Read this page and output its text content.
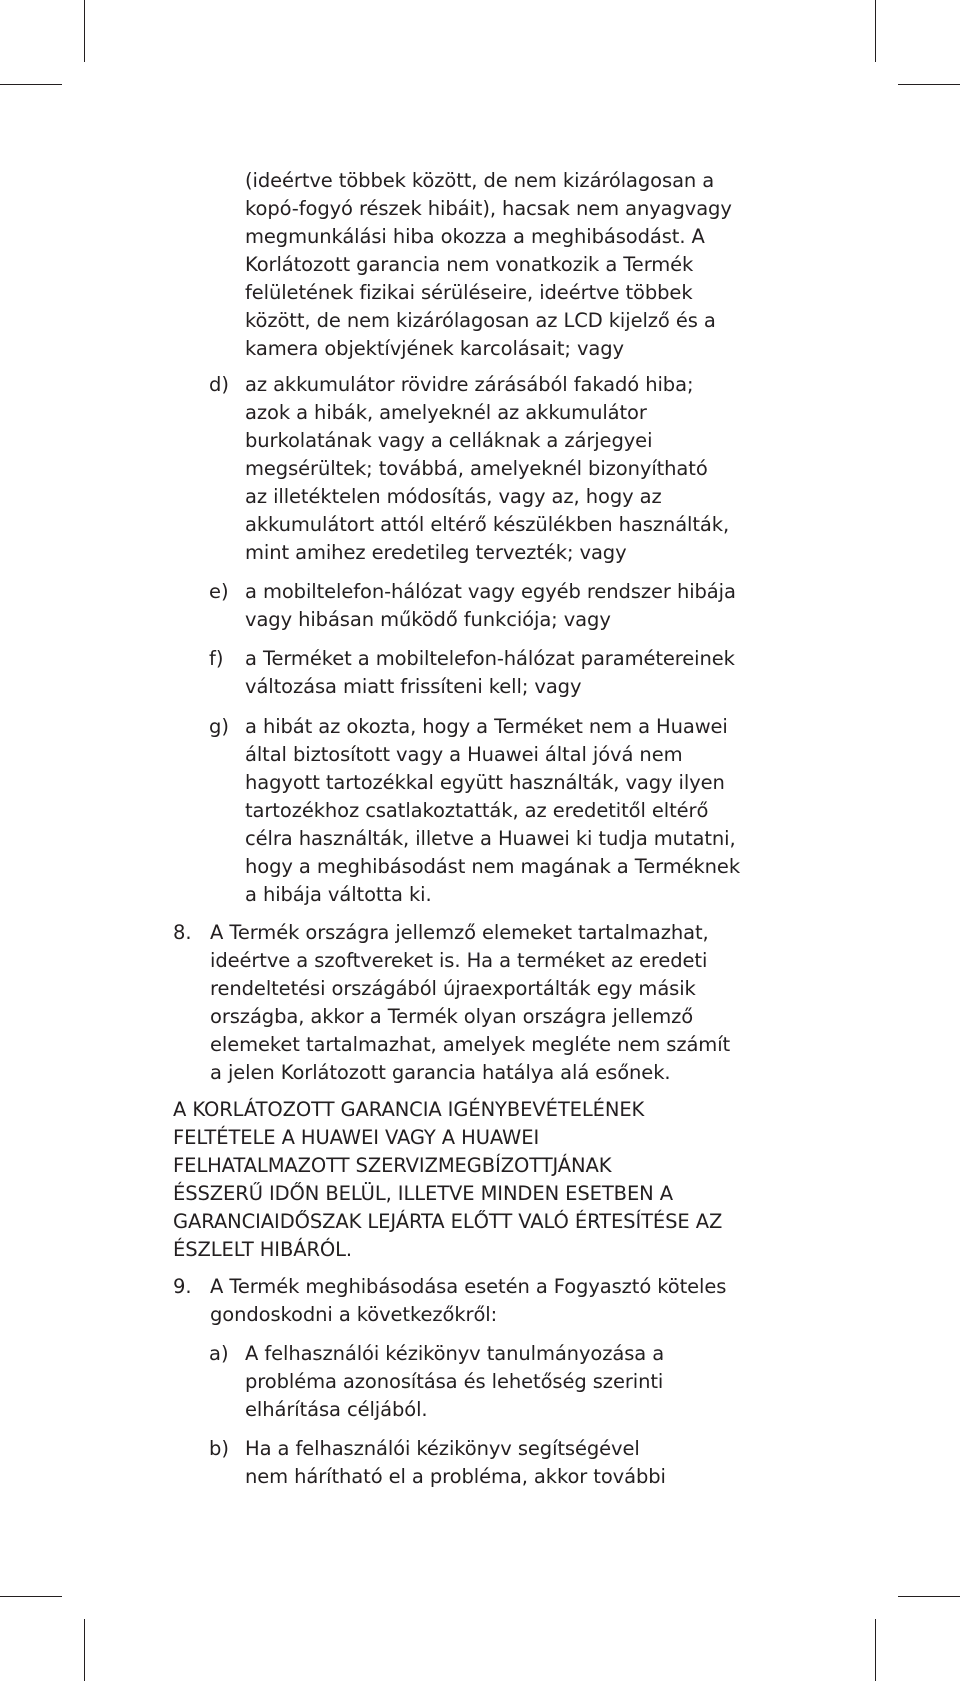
(ideértve többek között, de nem kizárólagosan a
kopó-fogyó részek hibáit), hacsak nem anyagvagy
megmunkálási hiba okozza a meghibásodást. A
Korlátozott garancia nem vonatkozik a Termék
felületének fizikai sérüléseire, ideértve többek
között, de nem kizárólagosan az LCD kijelző és a
kamera objektívjének karcolásait; vagy
d) az akkumulátor rövidre zárásából fakadó hiba;
azok a hibák, amelyeknél az akkumulátor
burkolatának vagy a celláknak a zárjegyei
megsérültek; továbbá, amelyeknél bizonyítható
az illetéktelen módosítás, vagy az, hogy az
akkumulátort attól eltérő készülékben használták,
mint amihez eredetileg tervezték; vagy
e) a mobiltelefon-hálózat vagy egyéb rendszer hibája
vagy hibásan működő funkciója; vagy
f) a Terméket a mobiltelefon-hálózat paramétereinek
változása miatt frissíteni kell; vagy
g) a hibát az okozta, hogy a Terméket nem a Huawei
által biztosított vagy a Huawei által jóvá nem
hagyott tartozékkal együtt használták, vagy ilyen
tartozékhoz csatlakoztatták, az eredetitől eltérő
célra használták, illetve a Huawei ki tudja mutatni,
hogy a meghibásodást nem magának a Terméknek
a hibája váltotta ki.
8. A Termék országra jellemző elemeket tartalmazhat,
ideértve a szoftvereket is. Ha a terméket az eredeti
rendeltetési országából újraexportálták egy másik
országba, akkor a Termék olyan országra jellemző
elemeket tartalmazhat, amelyek megléte nem számít
a jelen Korlátozott garancia hatálya alá esőnek.
A KORLÁTOZOTT GARANCIA IGÉNYBEVÉTELÉNEK
FELTÉTELE A HUAWEI VAGY A HUAWEI
FELHATALMAZOTT SZERVIZMEGBÍZOTTJÁNAK
ÉSSZERŰ IDŐN BELÜL, ILLETVE MINDEN ESETBEN A
GARANCIAIDŐSZAK LEJÁRTA ELŐTT VALÓ ÉRTESÍTÉSE AZ
ÉSZLELT HIBÁRÓL.
9. A Termék meghibásodása esetén a Fogyasztó köteles
gondoskodni a következőkről:
a) A felhasználói kézikönyv tanulmányozása a
probléma azonosítása és lehetőség szerinti
elhárítása céljából.
b) Ha a felhasználói kézikönyv segítségével
nem hárítható el a probléma, akkor további
